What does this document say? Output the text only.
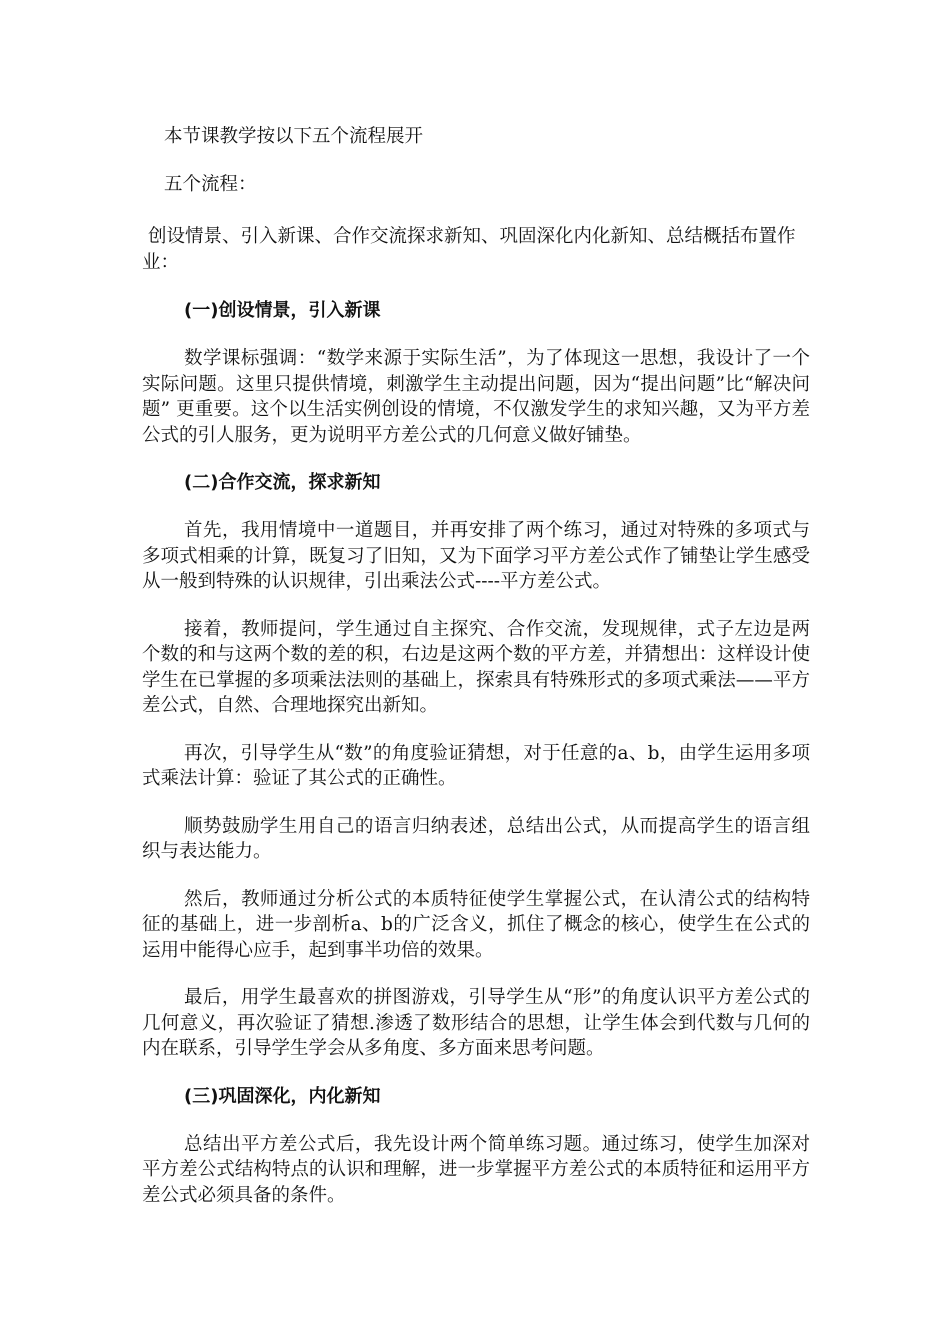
本节课教学按以下五个流程展开

五个流程：

创设情景、引入新课、合作交流探求新知、巩固深化内化新知、总结概括布置作业：

(一)创设情景，引入新课

数学课标强调：“数学来源于实际生活”，为了体现这一思想，我设计了一个实际问题。这里只提供情境，刺激学生主动提出问题，因为“提出问题”比“解决问题” 更重要。这个以生活实例创设的情境，不仅激发学生的求知兴趣，又为平方差公式的引人服务，更为说明平方差公式的几何意义做好铺垫。

(二)合作交流，探求新知

首先，我用情境中一道题目，并再安排了两个练习，通过对特殊的多项式与多项式相乘的计算，既复习了旧知，又为下面学习平方差公式作了铺垫让学生感受从一般到特殊的认识规律，引出乘法公式----平方差公式。

接着，教师提问，学生通过自主探究、合作交流，发现规律，式子左边是两个数的和与这两个数的差的积，右边是这两个数的平方差，并猜想出：这样设计使学生在已掌握的多项乘法法则的基础上，探索具有特殊形式的多项式乘法——平方差公式，自然、合理地探究出新知。

再次，引导学生从“数”的角度验证猜想，对于任意的a、b，由学生运用多项式乘法计算：验证了其公式的正确性。

顺势鼓励学生用自己的语言归纳表述，总结出公式，从而提高学生的语言组织与表达能力。

然后，教师通过分析公式的本质特征使学生掌握公式，在认清公式的结构特征的基础上，进一步剖析a、b的广泛含义，抓住了概念的核心，使学生在公式的运用中能得心应手，起到事半功倍的效果。

最后，用学生最喜欢的拼图游戏，引导学生从“形”的角度认识平方差公式的几何意义，再次验证了猜想.渗透了数形结合的思想，让学生体会到代数与几何的内在联系，引导学生学会从多角度、多方面来思考问题。

(三)巩固深化，内化新知

总结出平方差公式后，我先设计两个简单练习题。通过练习，使学生加深对平方差公式结构特点的认识和理解，进一步掌握平方差公式的本质特征和运用平方差公式必须具备的条件。
